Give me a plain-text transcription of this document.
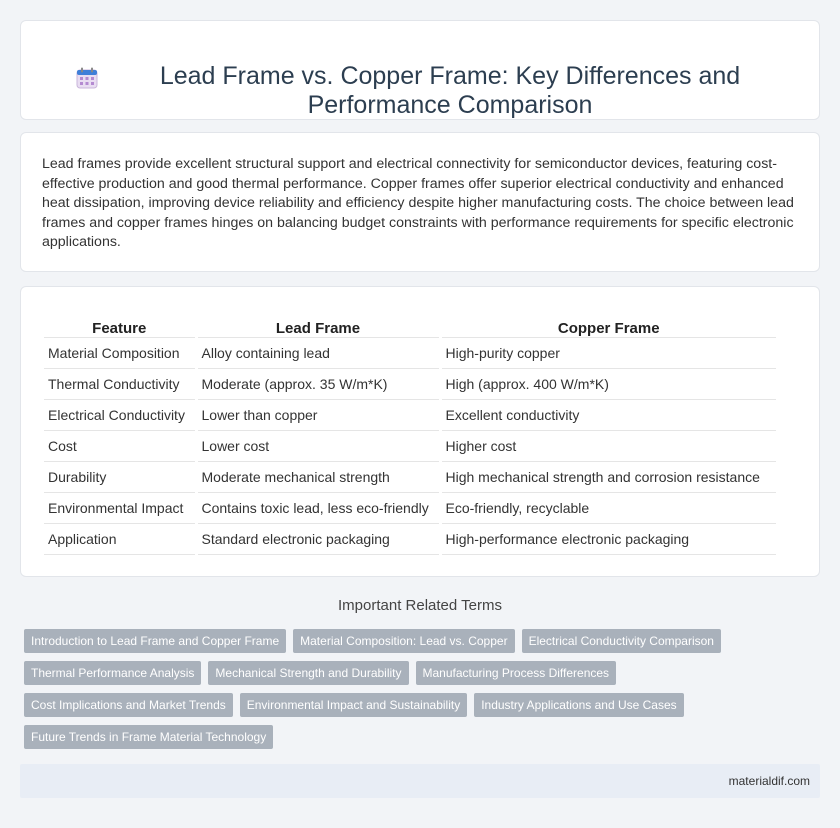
Lead Frame vs. Copper Frame: Key Differences and Performance Comparison

Lead frames provide excellent structural support and electrical connectivity for semiconductor devices, featuring cost-effective production and good thermal performance. Copper frames offer superior electrical conductivity and enhanced heat dissipation, improving device reliability and efficiency despite higher manufacturing costs. The choice between lead frames and copper frames hinges on balancing budget constraints with performance requirements for specific electronic applications.

Feature	Lead Frame	Copper Frame
Material Composition	Alloy containing lead	High-purity copper
Thermal Conductivity	Moderate (approx. 35 W/m*K)	High (approx. 400 W/m*K)
Electrical Conductivity	Lower than copper	Excellent conductivity
Cost	Lower cost	Higher cost
Durability	Moderate mechanical strength	High mechanical strength and corrosion resistance
Environmental Impact	Contains toxic lead, less eco-friendly	Eco-friendly, recyclable
Application	Standard electronic packaging	High-performance electronic packaging
Important Related Terms
Introduction to Lead Frame and Copper Frame	Material Composition: Lead vs. Copper	Electrical Conductivity Comparison
Thermal Performance Analysis	Mechanical Strength and Durability	Manufacturing Process Differences
Cost Implications and Market Trends	Environmental Impact and Sustainability	Industry Applications and Use Cases
Future Trends in Frame Material Technology
materialdif.com
